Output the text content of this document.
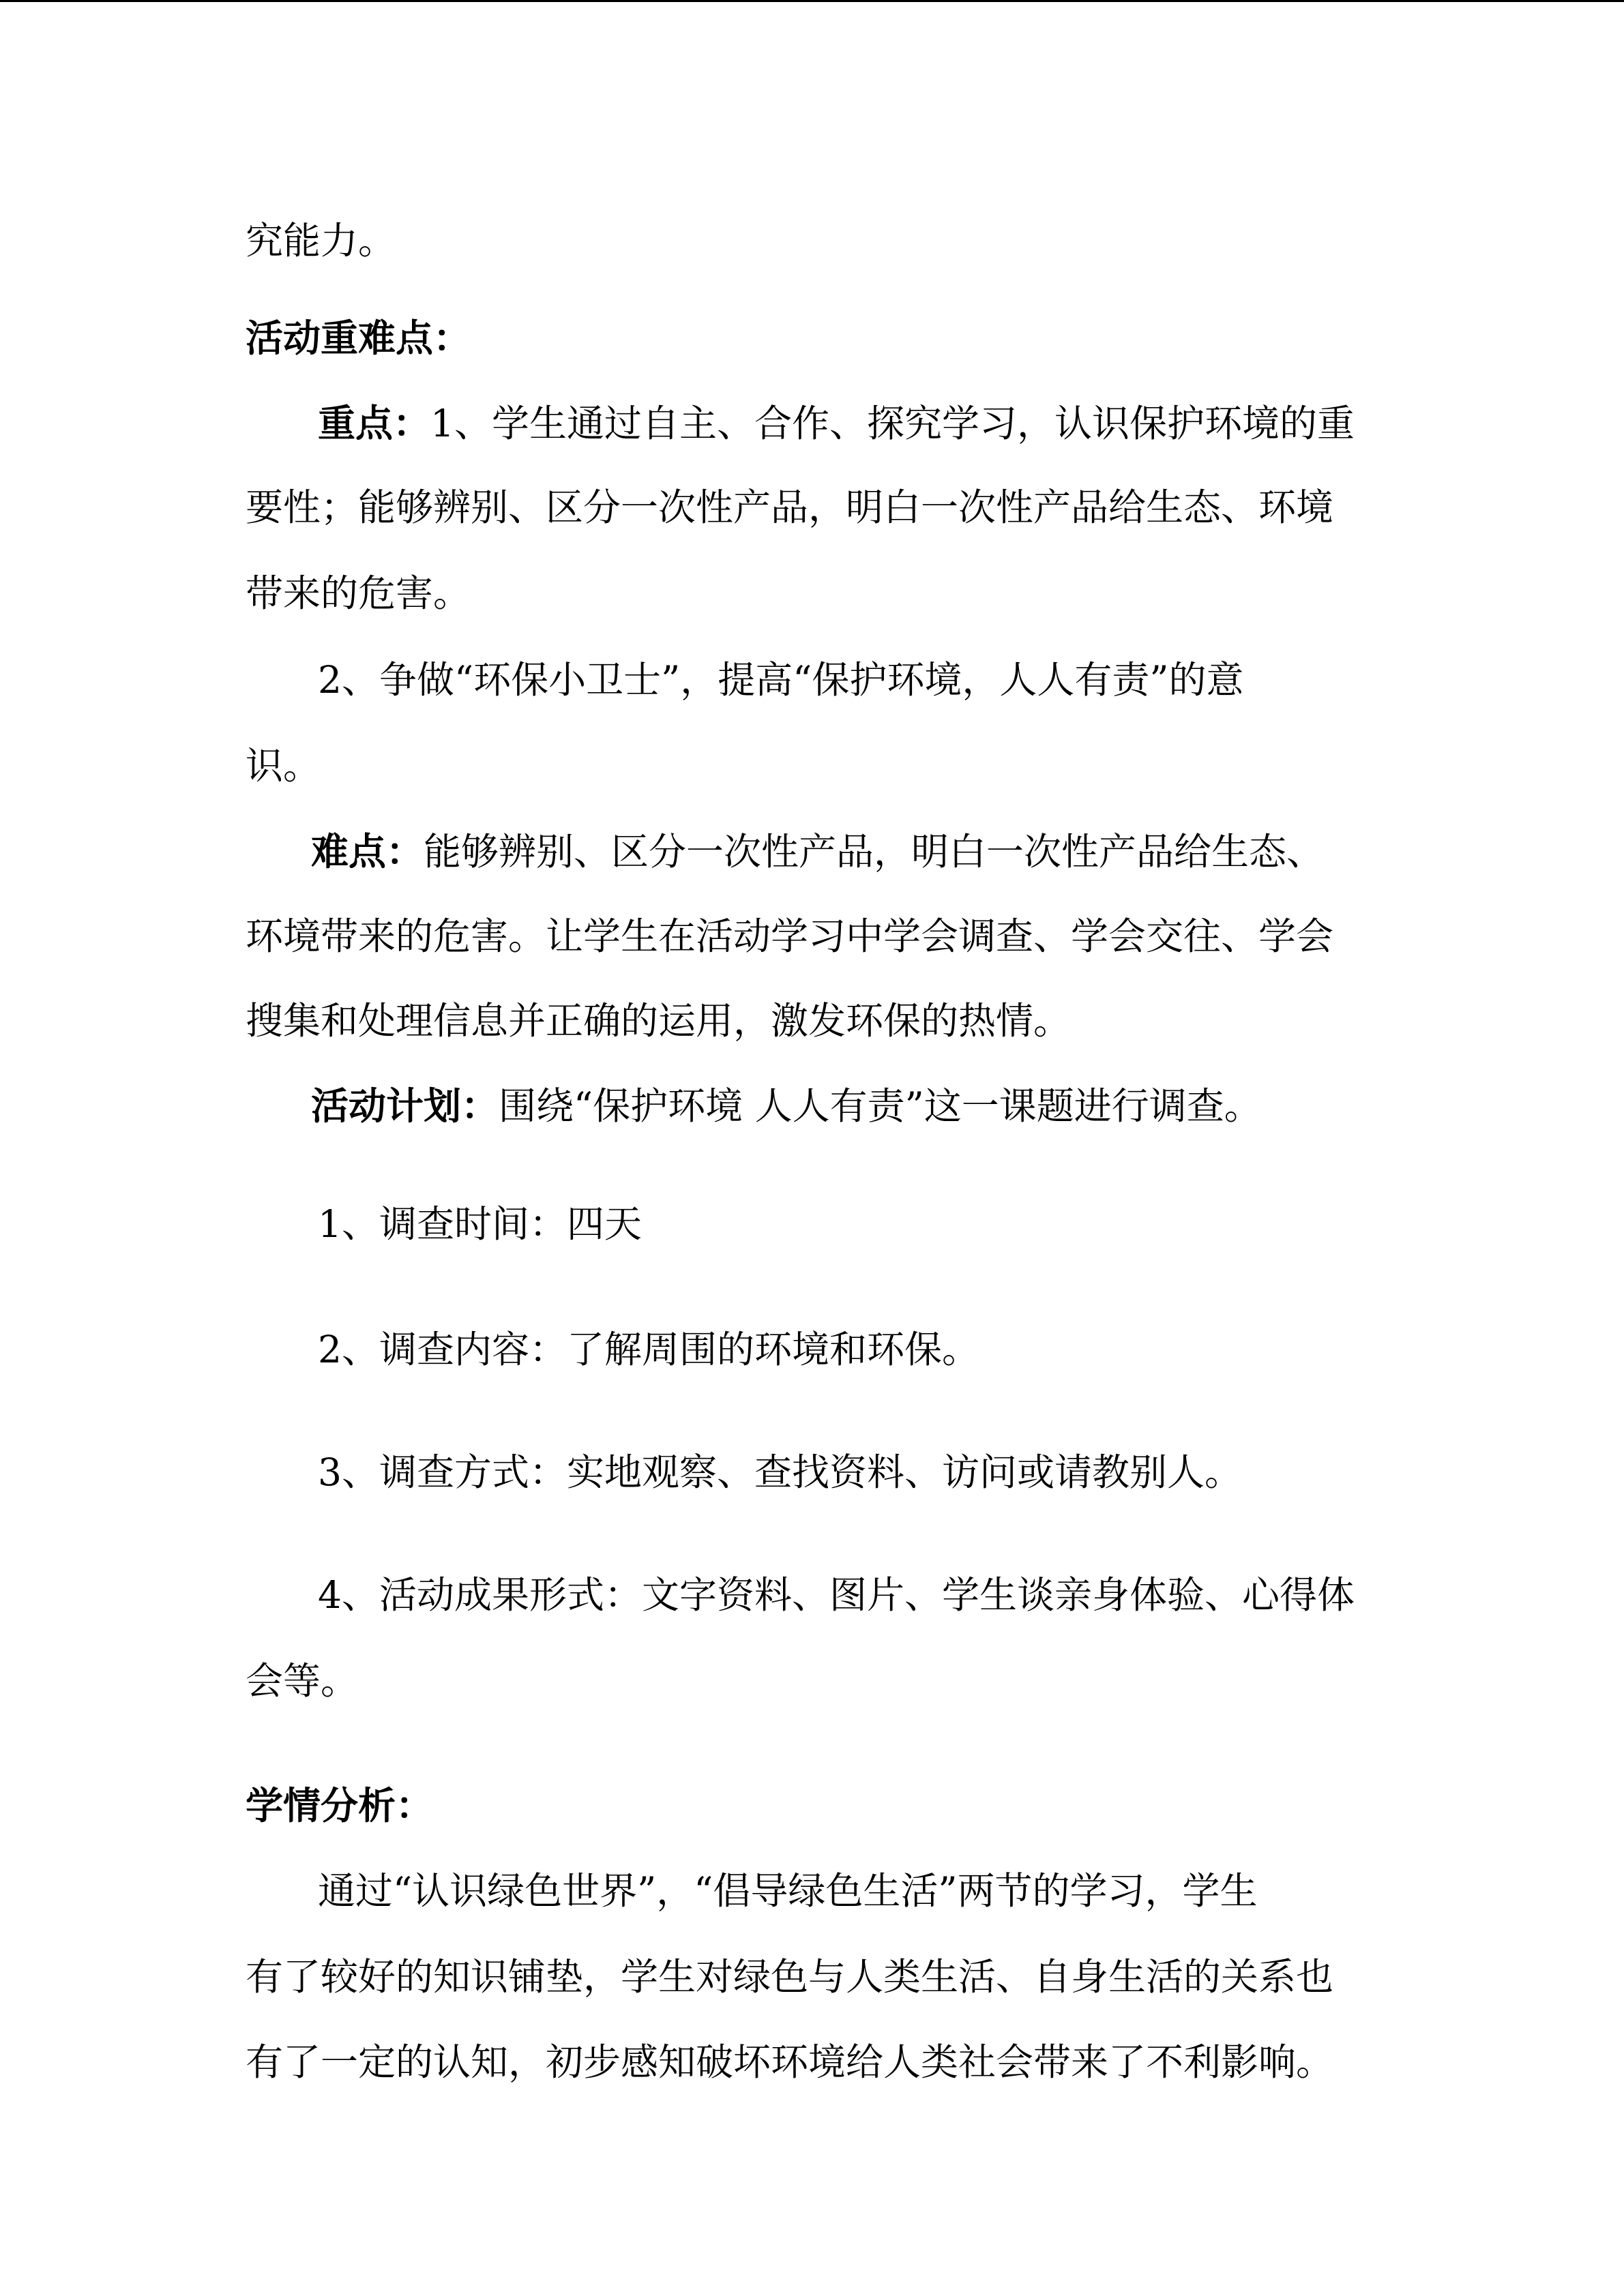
究能力。

活动重难点：

重点：1、学生通过自主、合作、探究学习，认识保护环境的重

要性；能够辨别、区分一次性产品，明白一次性产品给生态、环境

带来的危害。

2、争做“环保小卫士”，提高“保护环境，人人有责”的意

识。

难点：能够辨别、区分一次性产品，明白一次性产品给生态、

环境带来的危害。让学生在活动学习中学会调查、学会交往、学会

搜集和处理信息并正确的运用，激发环保的热情。

活动计划：围绕“保护环境 人人有责”这一课题进行调查。

1、调查时间：四天

2、调查内容：了解周围的环境和环保。

3、调查方式：实地观察、查找资料、访问或请教别人。

4、活动成果形式：文字资料、图片、学生谈亲身体验、心得体

会等。

学情分析：

通过“认识绿色世界”，“倡导绿色生活”两节的学习，学生

有了较好的知识铺垫，学生对绿色与人类生活、自身生活的关系也

有了一定的认知，初步感知破坏环境给人类社会带来了不利影响。
